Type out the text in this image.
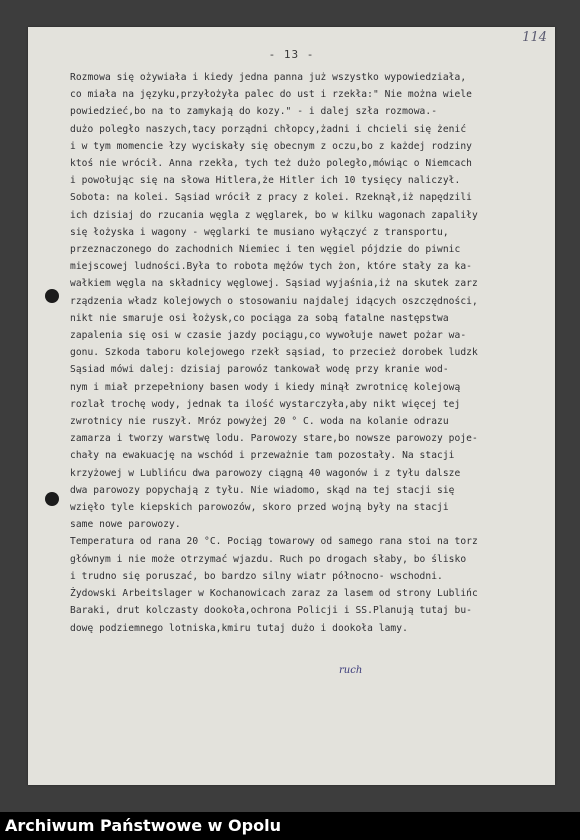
- 13 -
114
Rozmowa się ożywiała i kiedy jedna panna już wszystko wypowiedziała,
co miała na języku,przyłożyła palec do ust i rzekła:" Nie można wiele
powiedzieć,bo na to zamykają do kozy." - i dalej szła rozmowa.-
dużo poległo naszych,tacy porządni chłopcy,żadni i chcieli się żenić
i w tym momencie łzy wyciskały się obecnym z oczu,bo z każdej rodziny
ktoś nie wrócił. Anna rzekła, tych też dużo poległo,mówiąc o Niemcach
i powołując się na słowa Hitlera,że Hitler ich 10 tysięcy naliczył.
Sobota: na kolei. Sąsiad wrócił z pracy z kolei. Rzeknął,iż napędzili
ich dzisiaj do rzucania węgla z węglarek, bo w kilku wagonach zapaliły
się łożyska i wagony - węglarki te musiano wyłączyć z transportu,
przeznaczonego do zachodnich Niemiec i ten węgiel pójdzie do piwnic
miejscowej ludności.Była to robota mężów tych żon, które stały za ka-
wałkiem węgla na składnicy węglowej. Sąsiad wyjaśnia,iż na skutek zarz
rządzenia władz kolejowych o stosowaniu najdalej idących oszczędności,
nikt nie smaruje osi łożysk,co pociąga za sobą fatalne następstwa
zapalenia się osi w czasie jazdy pociągu,co wywołuje nawet pożar wa-
gonu. Szkoda taboru kolejowego rzekł sąsiad, to przecież dorobek ludzk
Sąsiad mówi dalej: dzisiaj parowóz tankował wodę przy kranie wod-
nym i miał przepełniony basen wody i kiedy minął zwrotnicę kolejową
rozlał trochę wody, jednak ta ilość wystarczyła,aby nikt więcej tej
zwrotnicy nie ruszył. Mróz powyżej 20 ° C. woda na kolanie odrazu
zamarza i tworzy warstwę lodu. Parowozy stare,bo nowsze parowozy poje-
chały na ewakuację na wschód i przeważnie tam pozostały. Na stacji
krzyżowej w Lublińcu dwa parowozy ciągną 40 wagonów i z tyłu dalsze
dwa parowozy popychają z tyłu. Nie wiadomo, skąd na tej stacji się
wzięło tyle kiepskich parowozów, skoro przed wojną były na stacji
same nowe parowozy.
Temperatura od rana 20 °C. Pociąg towarowy od samego rana stoi na torz
głównym i nie może otrzymać wjazdu. Ruch po drogach słaby, bo ślisko
i trudno się poruszać, bo bardzo silny wiatr północno- wschodni.
Żydowski Arbeitslager w Kochanowicach zaraz za lasem od strony Lublińc
Baraki, drut kolczasty dookoła,ochrona Policji i SS.Planują tutaj bu-
dowę podziemnego lotniska,kmiru tutaj dużo i dookoła lamy.
ruch
Archiwum Państwowe w Opolu
